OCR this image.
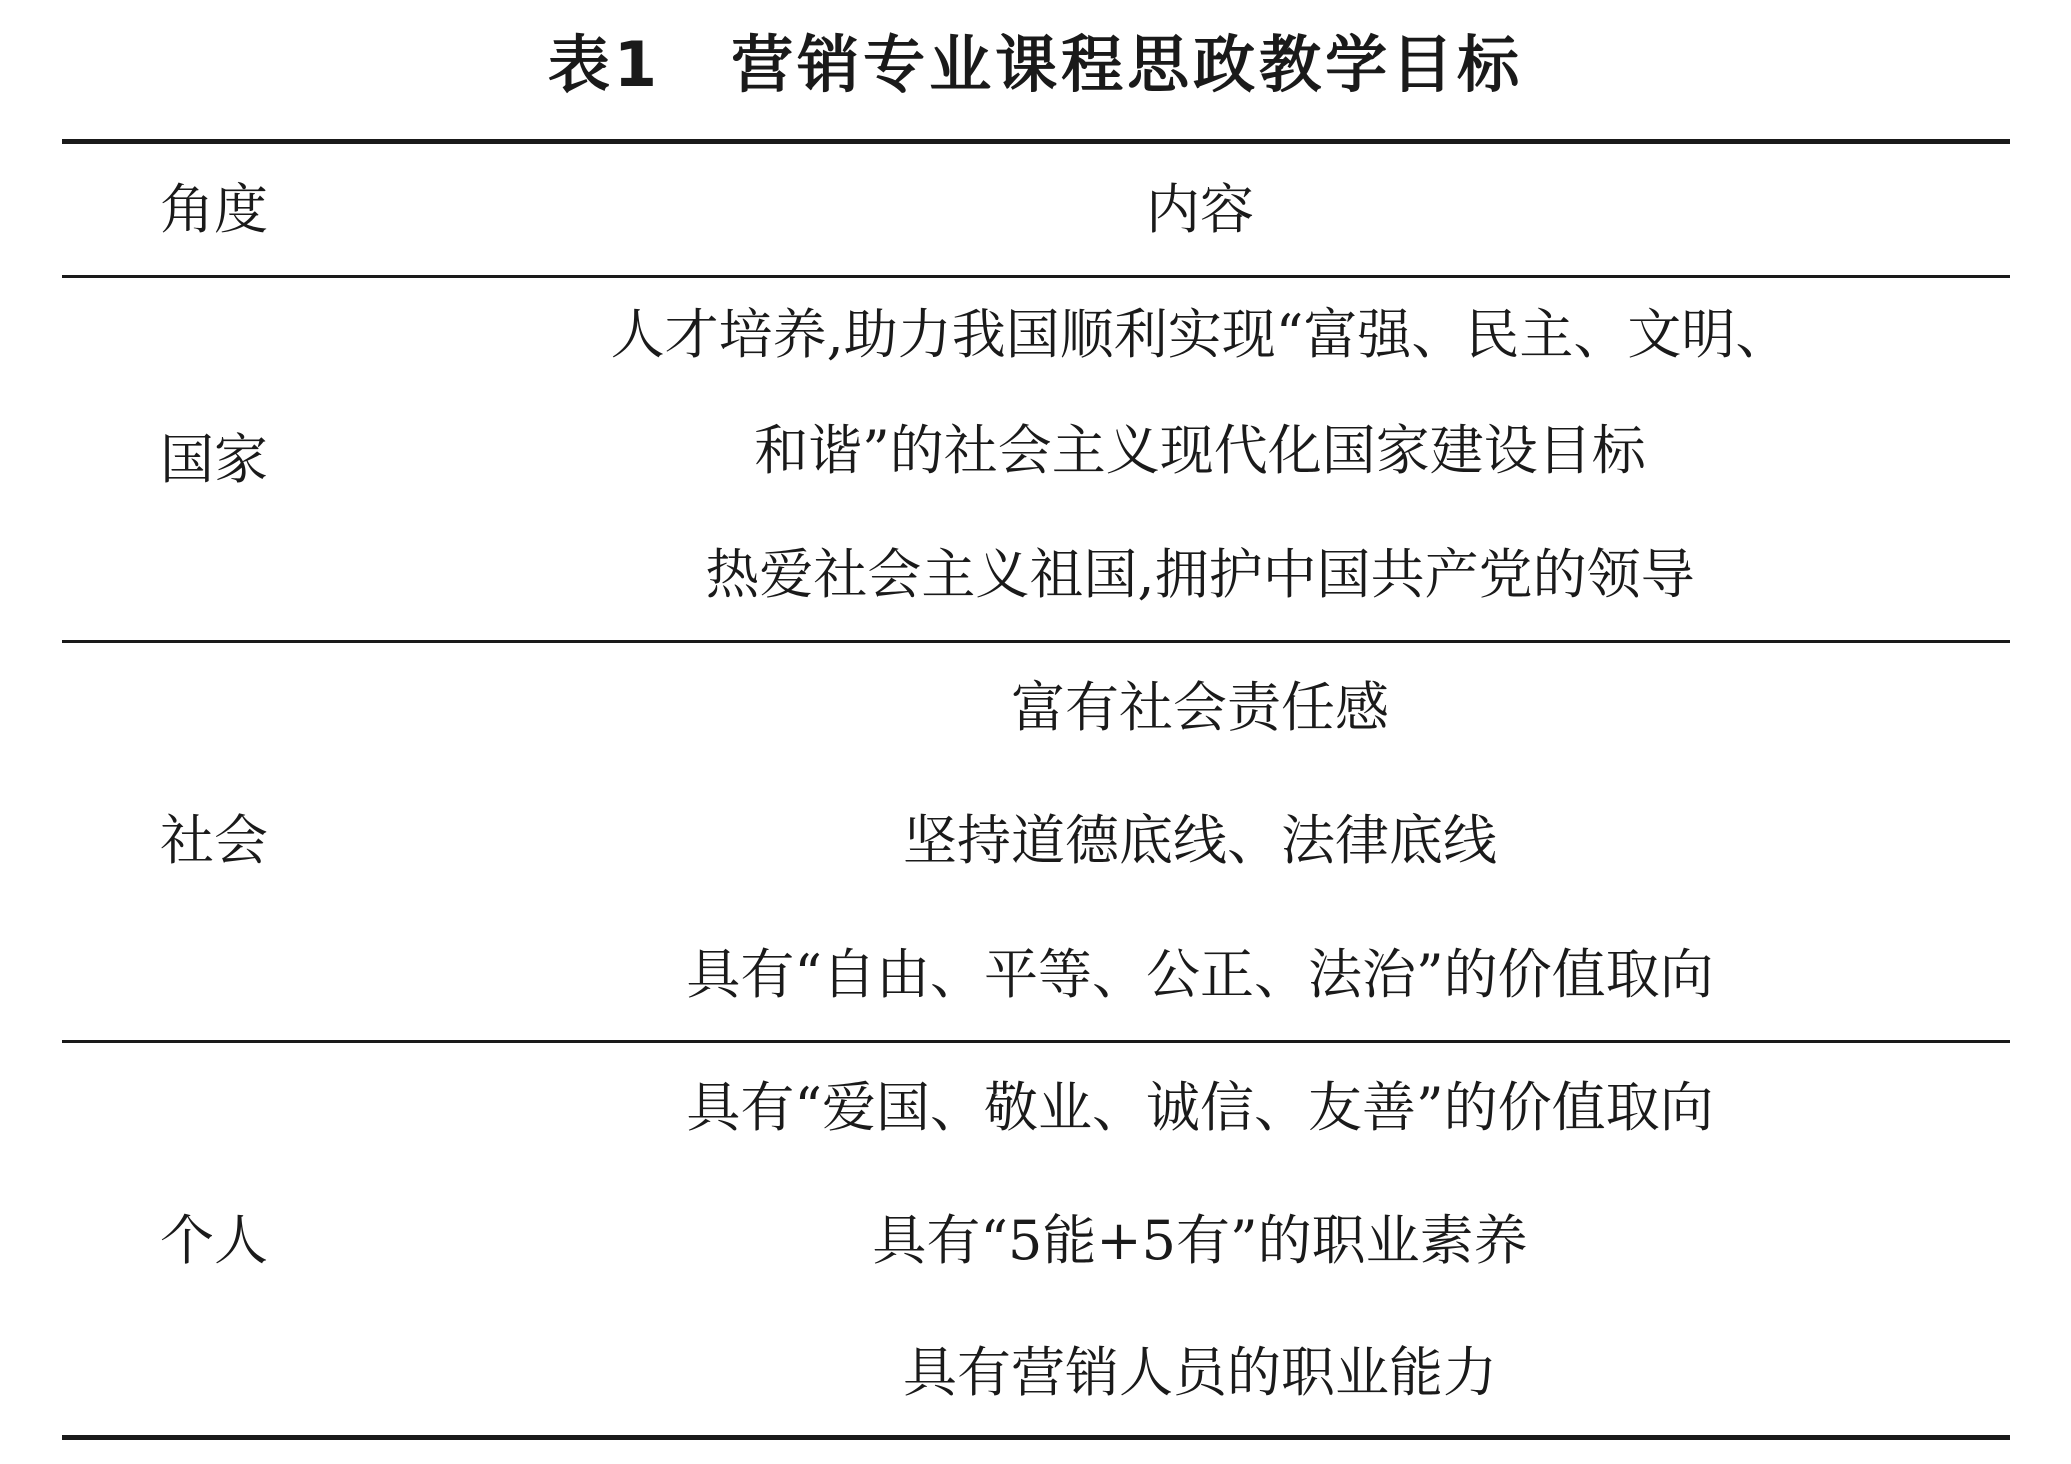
表1 营销专业课程思政教学目标
角度	内容
国家
人才培养,助力我国顺利实现“富强、民主、文明、
和谐”的社会主义现代化国家建设目标
热爱社会主义祖国,拥护中国共产党的领导
社会
富有社会责任感
坚持道德底线、法律底线
具有“自由、平等、公正、法治”的价值取向
个人
具有“爱国、敬业、诚信、友善”的价值取向
具有“5能+5有”的职业素养
具有营销人员的职业能力
